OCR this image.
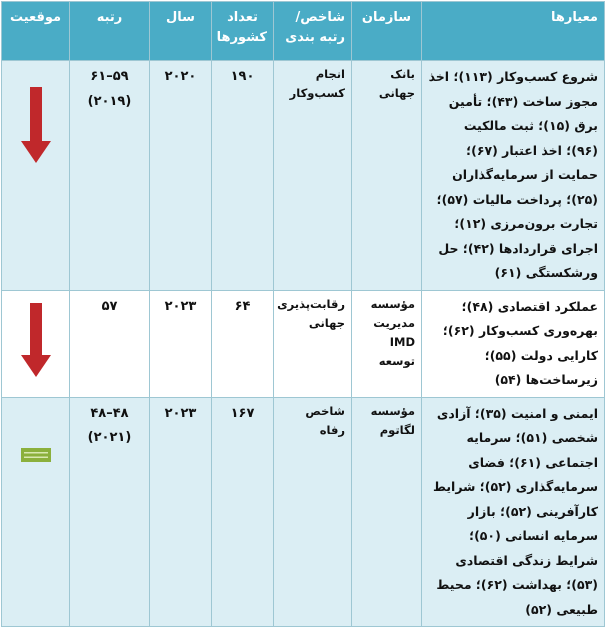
معیارها	سازمان	شاخص/ رتبه بندی	تعداد کشورها	سال	رتبه	موقعیت
شروع کسب‌وکار (۱۱۳)؛ اخذ مجوز ساخت (۴۳)؛ تأمین برق (۱۵)؛ ثبت مالکیت (۹۶)؛ اخذ اعتبار (۶۷)؛ حمایت از سرمایه‌گذاران (۲۵)؛ پرداخت مالیات (۵۷)؛ تجارت برون‌مرزی (۱۲)؛ اجرای قراردادها (۴۲)؛ حل ورشکستگی (۶۱)	بانک جهانی	انجام کسب‌وکار	۱۹۰	۲۰۲۰	۵۹–۶۱
(۲۰۱۹)

عملکرد اقتصادی (۴۸)؛ بهره‌وری کسب‌وکار (۶۲)؛ کارایی دولت (۵۵)؛ زیرساخت‌ها (۵۴)	مؤسسه مدیریت IMD توسعه	رقابت‌پذیری جهانی	۶۴	۲۰۲۳	۵۷

ایمنی و امنیت (۳۵)؛ آزادی شخصی (۵۱)؛ سرمایه اجتماعی (۶۱)؛ فضای سرمایه‌گذاری (۵۲)؛ شرایط کارآفرینی (۵۲)؛ بازار سرمایه انسانی (۵۰)؛ شرایط زندگی اقتصادی (۵۳)؛ بهداشت (۶۲)؛ محیط طبیعی (۵۲)	مؤسسه لگاتوم	شاخص رفاه	۱۶۷	۲۰۲۳	۴۸–۴۸
(۲۰۲۱)
